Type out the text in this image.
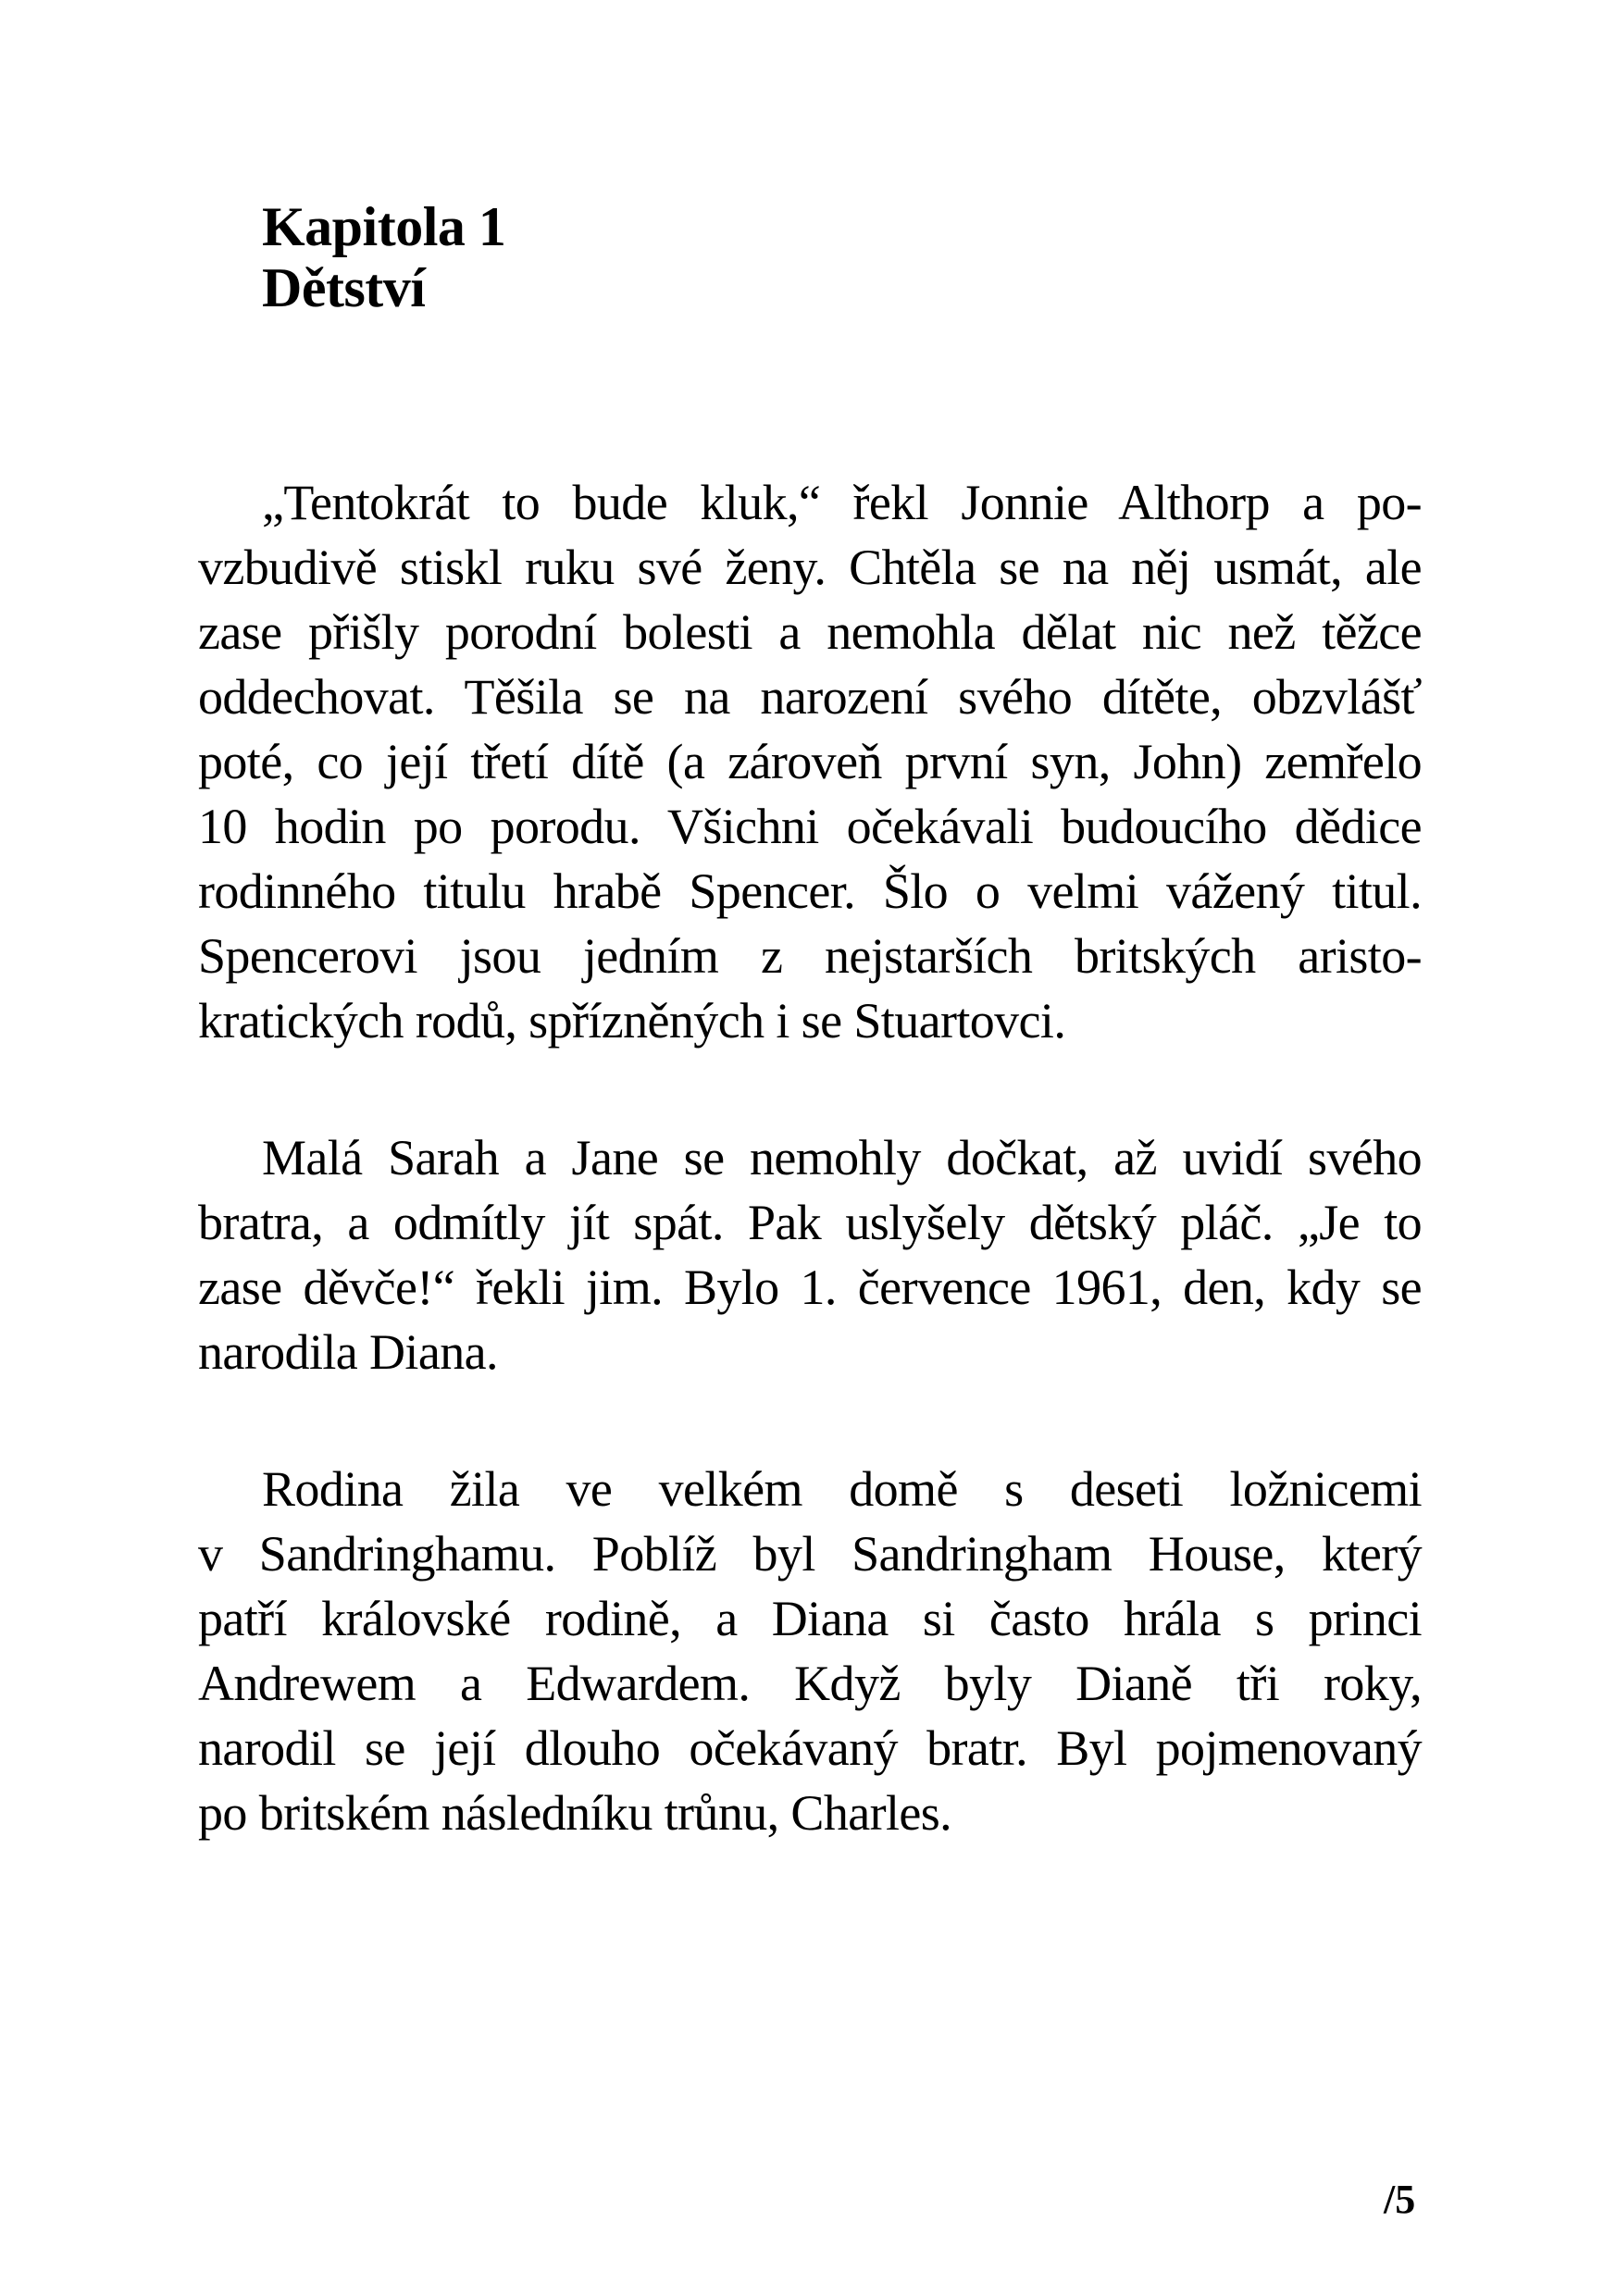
Kapitola 1
Dětství
„Tentokrát to bude kluk,“ řekl Jonnie Althorp a po-
vzbudivě stiskl ruku své ženy. Chtěla se na něj usmát, ale
zase přišly porodní bolesti a nemohla dělat nic než těžce
oddechovat. Těšila se na narození svého dítěte, obzvlášť
poté, co její třetí dítě (a zároveň první syn, John) zemřelo
10 hodin po porodu. Všichni očekávali budoucího dědice
rodinného titulu hrabě Spencer. Šlo o velmi vážený titul.
Spencerovi jsou jedním z nejstarších britských aristo-
kratických rodů, spřízněných i se Stuartovci.
Malá Sarah a Jane se nemohly dočkat, až uvidí svého
bratra, a odmítly jít spát. Pak uslyšely dětský pláč. „Je to
zase děvče!“ řekli jim. Bylo 1. července 1961, den, kdy se
narodila Diana.
Rodina žila ve velkém domě s deseti ložnicemi
v Sandringhamu. Poblíž byl Sandringham House, který
patří královské rodině, a Diana si často hrála s princi
Andrewem a Edwardem. Když byly Dianě tři roky,
narodil se její dlouho očekávaný bratr. Byl pojmenovaný
po britském následníku trůnu, Charles.
/5
